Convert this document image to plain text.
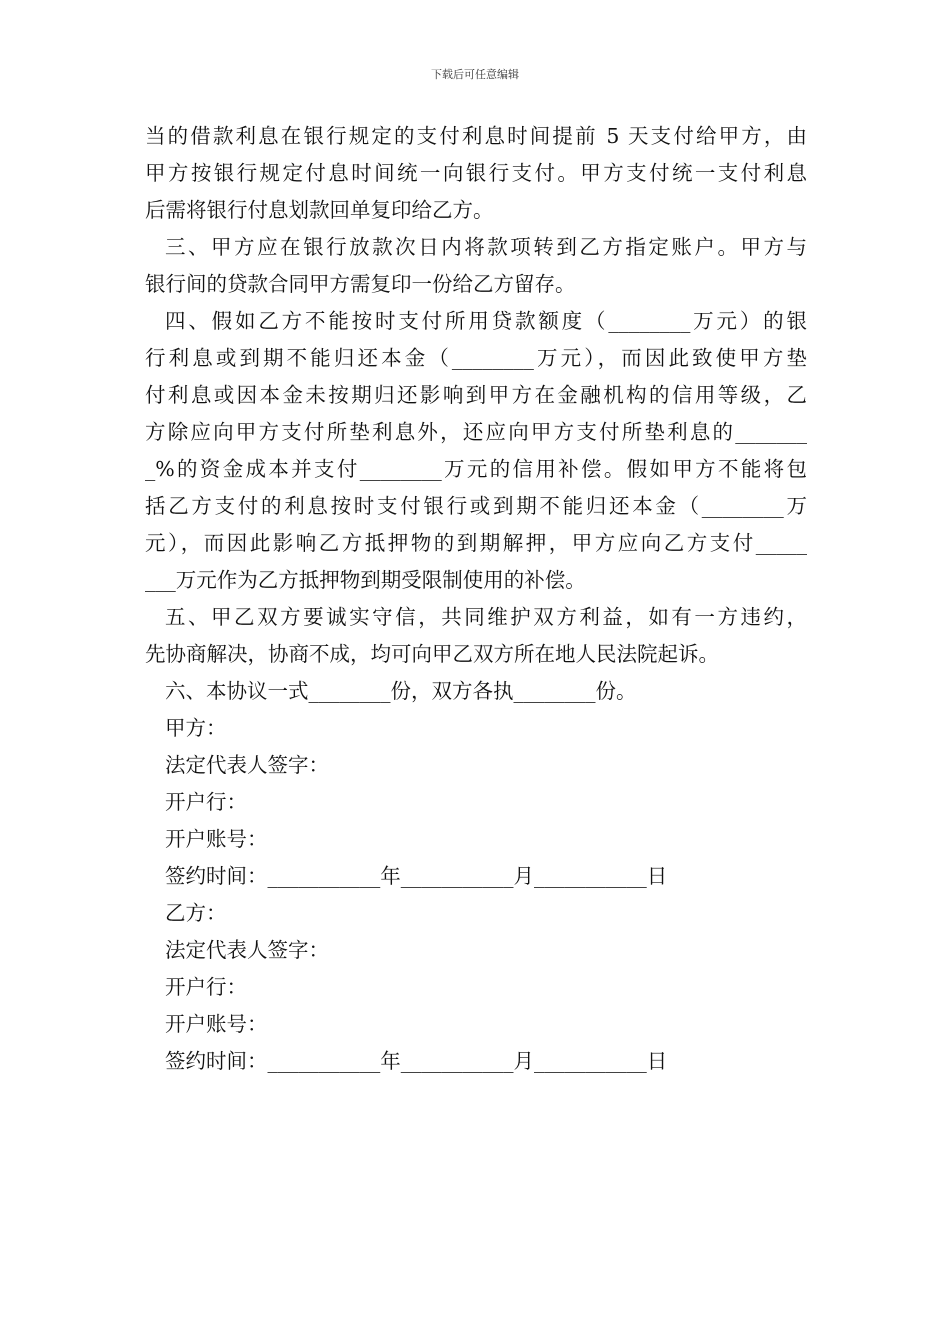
下载后可任意编辑
当的借款利息在银行规定的支付利息时间提前 5 天支付给甲方，由
甲方按银行规定付息时间统一向银行支付。甲方支付统一支付利息
后需将银行付息划款回单复印给乙方。
三、甲方应在银行放款次日内将款项转到乙方指定账户。甲方与
银行间的贷款合同甲方需复印一份给乙方留存。
四、假如乙方不能按时支付所用贷款额度（________万元）的银
行利息或到期不能归还本金（________万元），而因此致使甲方垫
付利息或因本金未按期归还影响到甲方在金融机构的信用等级，乙
方除应向甲方支付所垫利息外，还应向甲方支付所垫利息的_______
_%的资金成本并支付________万元的信用补偿。假如甲方不能将包
括乙方支付的利息按时支付银行或到期不能归还本金（________万
元），而因此影响乙方抵押物的到期解押，甲方应向乙方支付_____
___万元作为乙方抵押物到期受限制使用的补偿。
五、甲乙双方要诚实守信，共同维护双方利益，如有一方违约，
先协商解决，协商不成，均可向甲乙双方所在地人民法院起诉。
六、本协议一式________份，双方各执________份。
甲方：
法定代表人签字：
开户行：
开户账号：
签约时间：___________年___________月___________日
乙方：
法定代表人签字：
开户行：
开户账号：
签约时间：___________年___________月___________日
